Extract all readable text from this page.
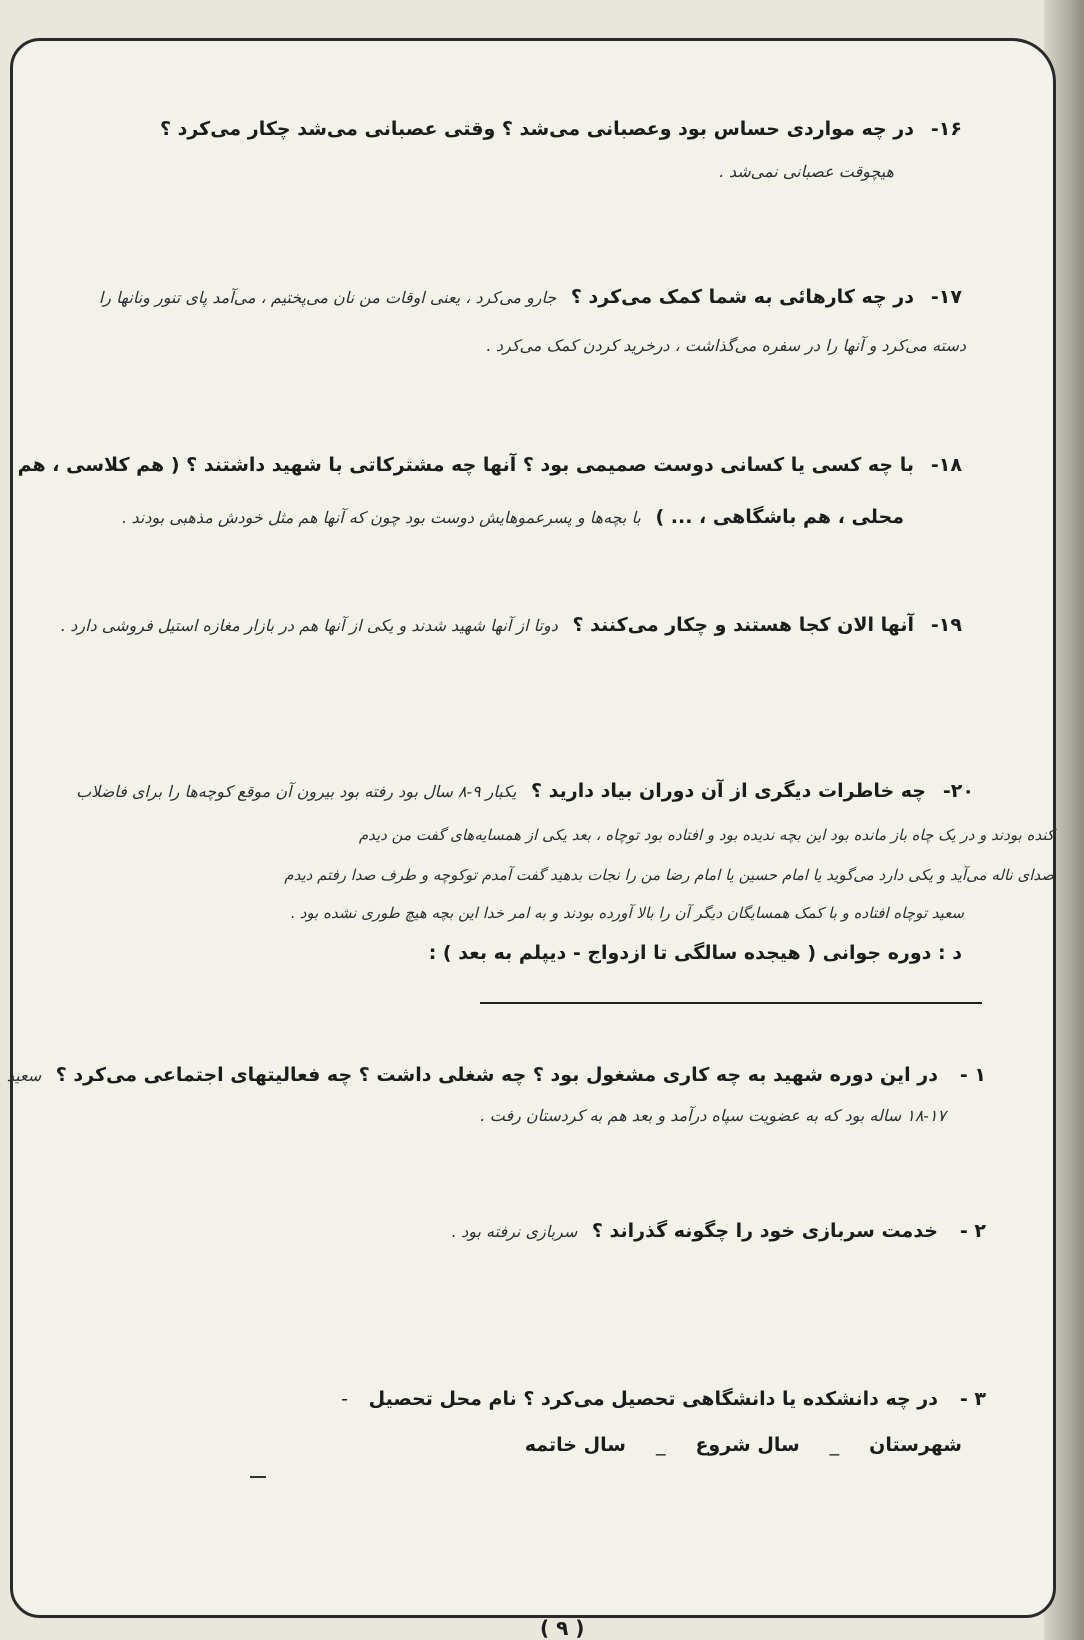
۱۶-در چه مواردی حساس بود وعصبانی می‌شد ؟ وقتی عصبانی می‌شد چکار می‌کرد ؟
هیچوقت عصبانی نمی‌شد .
۱۷-در چه کارهائی به شما کمک می‌کرد ؟ جارو می‌کرد ، یعنی اوقات من نان می‌پختیم ، می‌آمد پای تنور ونانها را
دسته می‌کرد و آنها را در سفره می‌گذاشت ، درخرید کردن کمک می‌کرد .
۱۸-با چه کسی یا کسانی دوست صمیمی بود ؟ آنها چه مشترکاتی با شهید داشتند ؟ ( هم کلاسی ، هم
محلی ، هم باشگاهی ، ... ) با بچه‌ها و پسرعموهایش دوست بود چون که آنها هم مثل خودش مذهبی بودند .
۱۹-آنها الان کجا هستند و چکار می‌کنند ؟ دوتا از آنها شهید شدند و یکی از آنها هم در بازار مغازه استیل فروشی دارد .
۲۰-چه خاطرات دیگری از آن دوران بیاد دارید ؟ یکبار ۹-۸ سال بود رفته بود بیرون آن موقع کوچه‌ها را برای فاضلاب
کنده بودند و در یک چاه باز مانده بود این بچه ندیده بود و افتاده بود توچاه ، بعد یکی از همسایه‌های گفت من دیدم
صدای ناله می‌آید و یکی دارد می‌گوید یا امام حسین یا امام رضا من را نجات بدهید گفت آمدم توکوچه و طرف صدا رفتم دیدم
سعید توچاه افتاده و با کمک همسایگان دیگر آن را بالا آورده بودند و به امر خدا این بچه هیچ طوری نشده بود .
د : دوره جوانی ( هیجده سالگی تا ازدواج - دیپلم به بعد ) :
۱ -در این دوره شهید به چه کاری مشغول بود ؟ چه شغلی داشت ؟ چه فعالیتهای اجتماعی می‌کرد ؟ سعید
۱۸-۱۷ ساله بود که به عضویت سپاه درآمد و بعد هم به کردستان رفت .
۲ -خدمت سربازی خود را چگونه گذراند ؟ سربازی نرفته بود .
۳ -در چه دانشکده یا دانشگاهی تحصیل می‌کرد ؟ نام محل تحصیل -
شهرستان_سال شروع_سال خاتمه
( ۹ )
